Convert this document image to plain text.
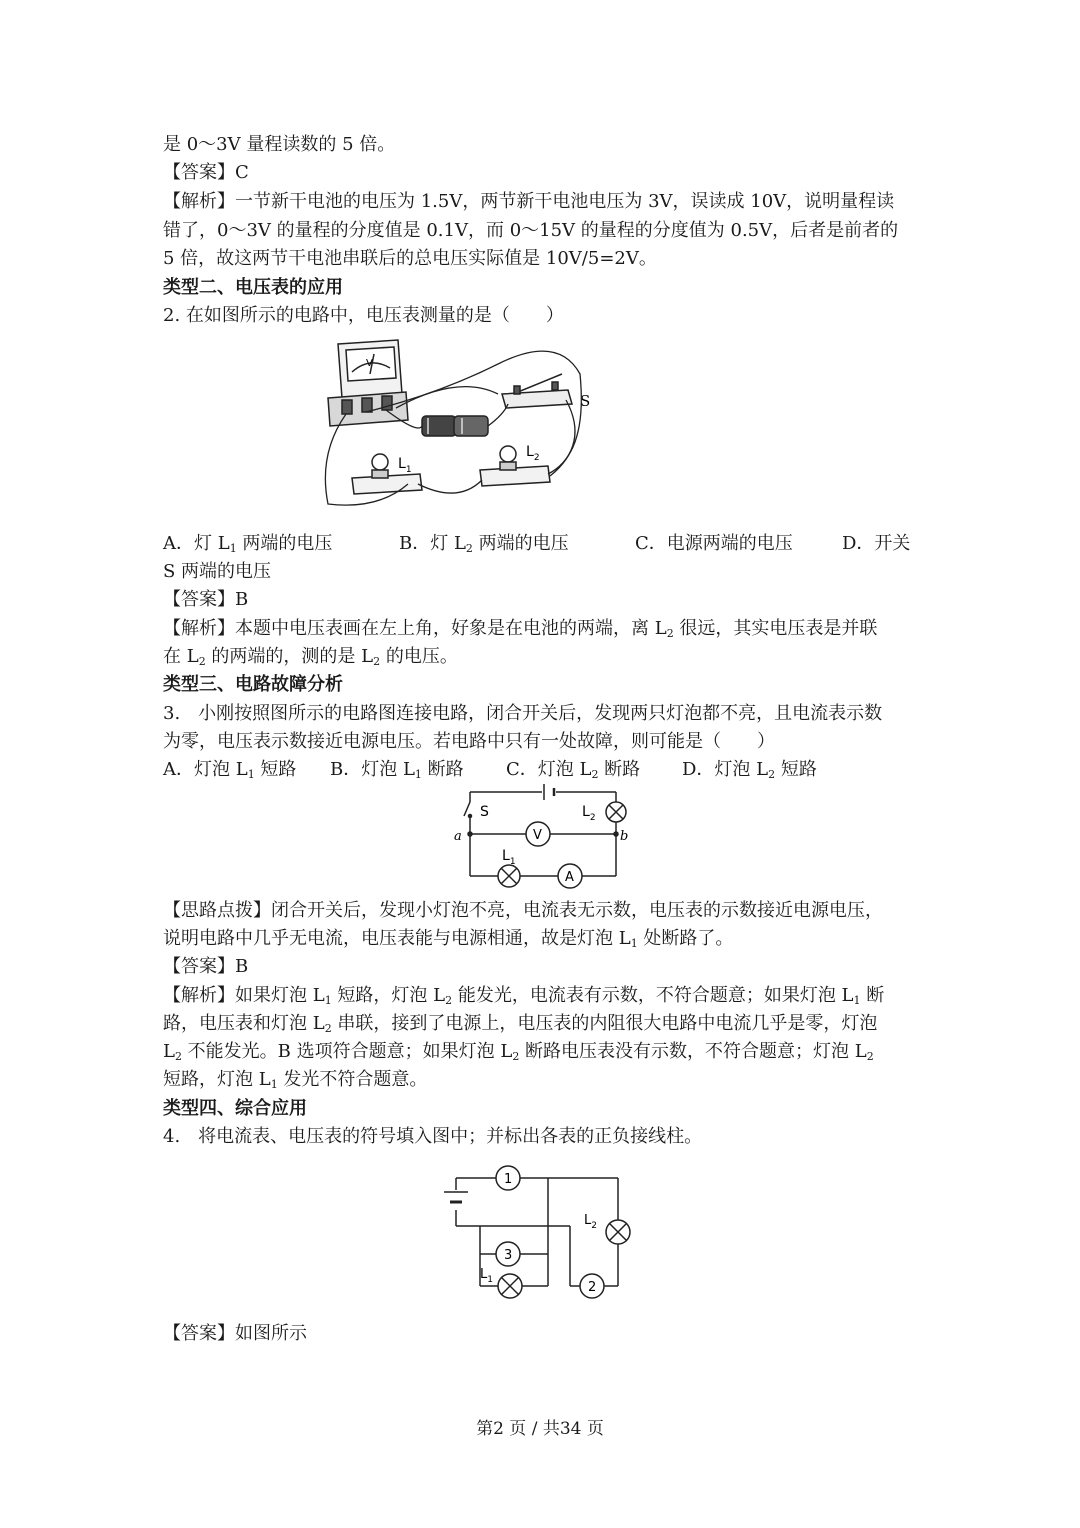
是 0～3V 量程读数的 5 倍。
【答案】C
【解析】一节新干电池的电压为 1.5V，两节新干电池电压为 3V，误读成 10V，说明量程读
错了，0～3V 的量程的分度值是 0.1V，而 0～15V 的量程的分度值为 0.5V，后者是前者的
5 倍，故这两节干电池串联后的总电压实际值是 10V/5=2V。
类型二、电压表的应用
2. 在如图所示的电路中，电压表测量的是（　　）
V
S
$L_1$
$L_2$
A．灯 $L_1$ 两端的电压	B．灯 $L_2$ 两端的电压	C．电源两端的电压	D．开关
S 两端的电压
【答案】B
【解析】本题中电压表画在左上角，好象是在电池的两端，离 $L_2$ 很远，其实电压表是并联
在 $L_2$ 的两端的，测的是 $L_2$ 的电压。
类型三、电路故障分析
3.　小刚按照图所示的电路图连接电路，闭合开关后，发现两只灯泡都不亮，且电流表示数
为零，电压表示数接近电源电压。若电路中只有一处故障，则可能是（　　）
A．灯泡 $L_1$ 短路 B．灯泡 $L_1$ 断路 C．灯泡 $L_2$ 断路 D．灯泡 $L_2$ 短路
V
A
S	$L_2$
a	b
$L_1$
【思路点拨】闭合开关后，发现小灯泡不亮，电流表无示数，电压表的示数接近电源电压，
说明电路中几乎无电流，电压表能与电源相通，故是灯泡 $L_1$ 处断路了。
【答案】B
【解析】如果灯泡 $L_1$ 短路，灯泡 $L_2$ 能发光，电流表有示数，不符合题意；如果灯泡 $L_1$ 断
路，电压表和灯泡 $L_2$ 串联，接到了电源上，电压表的内阻很大电路中电流几乎是零，灯泡
$L_2$ 不能发光。B 选项符合题意；如果灯泡 $L_2$ 断路电压表没有示数，不符合题意；灯泡 $L_2$
短路，灯泡 $L_1$ 发光不符合题意。
类型四、综合应用
4.　将电流表、电压表的符号填入图中；并标出各表的正负接线柱。
1
3
$L_1$
$L_2$
2
【答案】如图所示
第2 页 / 共34 页
